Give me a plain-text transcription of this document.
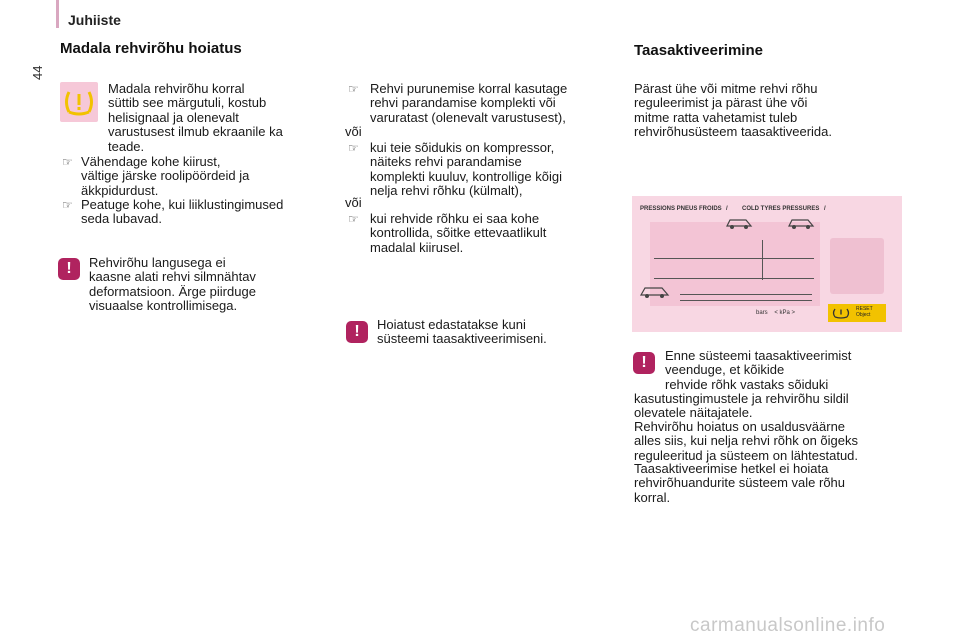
Juhiiste
44
Madala rehvirõhu hoiatus
Madala rehvirõhu korral
süttib see märgutuli, kostub
helisignaal ja olenevalt
varustusest ilmub ekraanile ka
teade.
☞ Vähendage kohe kiirust,
vältige järske roolipöördeid ja
äkkpidurdust.
☞ Peatuge kohe, kui liiklustingimused
seda lubavad.
!	Rehvirõhu langusega ei
kaasne alati rehvi silmnähtav
deformatsioon. Ärge piirduge
visuaalse kontrollimisega.
☞ Rehvi purunemise korral kasutage
rehvi parandamise komplekti või
varuratast (olenevalt varustusest),
või
☞ kui teie sõidukis on kompressor,
näiteks rehvi parandamise
komplekti kuuluv, kontrollige kõigi
nelja rehvi rõhku (külmalt),
või
☞ kui rehvide rõhku ei saa kohe
kontrollida, sõitke ettevaatlikult
madalal kiirusel.
!	Hoiatust edastatakse kuni
süsteemi taasaktiveerimiseni.
Taasaktiveerimine
Pärast ühe või mitme rehvi rõhu
reguleerimist ja pärast ühe või
mitme ratta vahetamist tuleb
rehvirõhusüsteem taasaktiveerida.
PRESSIONS PNEUS FROIDS / COLD TYRES PRESSURES /
bars    < kPa >
RESET
Object
!	Enne süsteemi taasaktiveerimist
veenduge, et kõikide
rehvide rõhk vastaks sõiduki
kasutustingimustele ja rehvirõhu sildil
olevatele näitajatele.
Rehvirõhu hoiatus on usaldusväärne
alles siis, kui nelja rehvi rõhk on õigeks
reguleeritud ja süsteem on lähtestatud.
Taasaktiveerimise hetkel ei hoiata
rehvirõhuandurite süsteem vale rõhu
korral.
carmanualsonline.info
